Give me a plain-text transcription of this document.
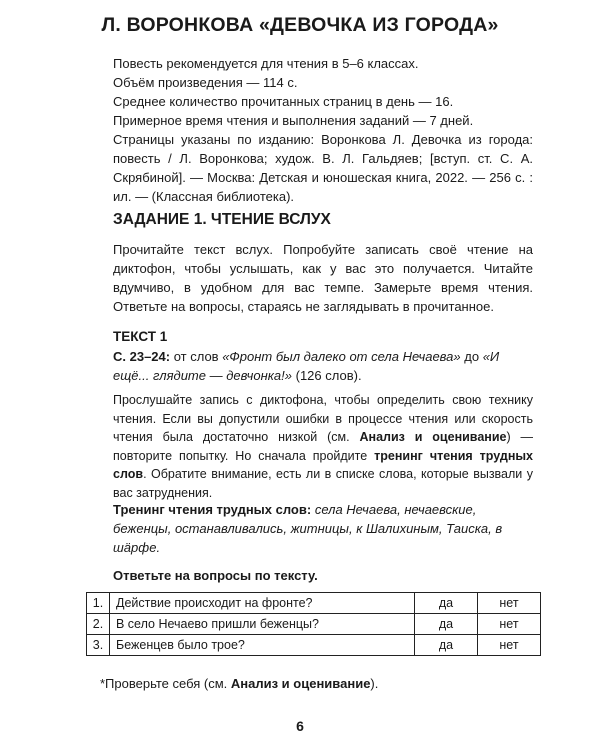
Л. ВОРОНКОВА «ДЕВОЧКА ИЗ ГОРОДА»

Повесть рекомендуется для чтения в 5–6 классах.

Объём произведения — 114 с.

Среднее количество прочитанных страниц в день — 16.

Примерное время чтения и выполнения заданий — 7 дней.

Страницы указаны по изданию: Воронкова Л. Девочка из города: повесть / Л. Воронкова; худож. В. Л. Гальдяев; [вступ. ст. С. А. Скрябиной]. — Москва: Детская и юношеская книга, 2022. — 256 с. : ил. — (Классная библиотека).

ЗАДАНИЕ 1. ЧТЕНИЕ ВСЛУХ

Прочитайте текст вслух. Попробуйте записать своё чтение на диктофон, чтобы услышать, как у вас это получается. Читайте вдумчиво, в удобном для вас темпе. Замерьте время чтения. Ответьте на вопросы, стараясь не заглядывать в прочитанное.

ТЕКСТ 1

С. 23–24: от слов «Фронт был далеко от села Нечаева» до «И ещё... глядите — девчонка!» (126 слов).

Прослушайте запись с диктофона, чтобы определить свою технику чтения. Если вы допустили ошибки в процессе чтения или скорость чтения была достаточно низкой (см. Анализ и оценивание) — повторите попытку. Но сначала пройдите тренинг чтения трудных слов. Обратите внимание, есть ли в списке слова, которые вызвали у вас затруднения.

Тренинг чтения трудных слов: села Нечаева, нечаевские, беженцы, останавливались, житницы, к Шалихиным, Таиска, в шäрфе.

Ответьте на вопросы по тексту.
1.	Действие происходит на фронте?	да	нет
2.	В село Нечаево пришли беженцы?	да	нет
3.	Беженцев было трое?	да	нет
*Проверьте себя (см. Анализ и оценивание).
6
